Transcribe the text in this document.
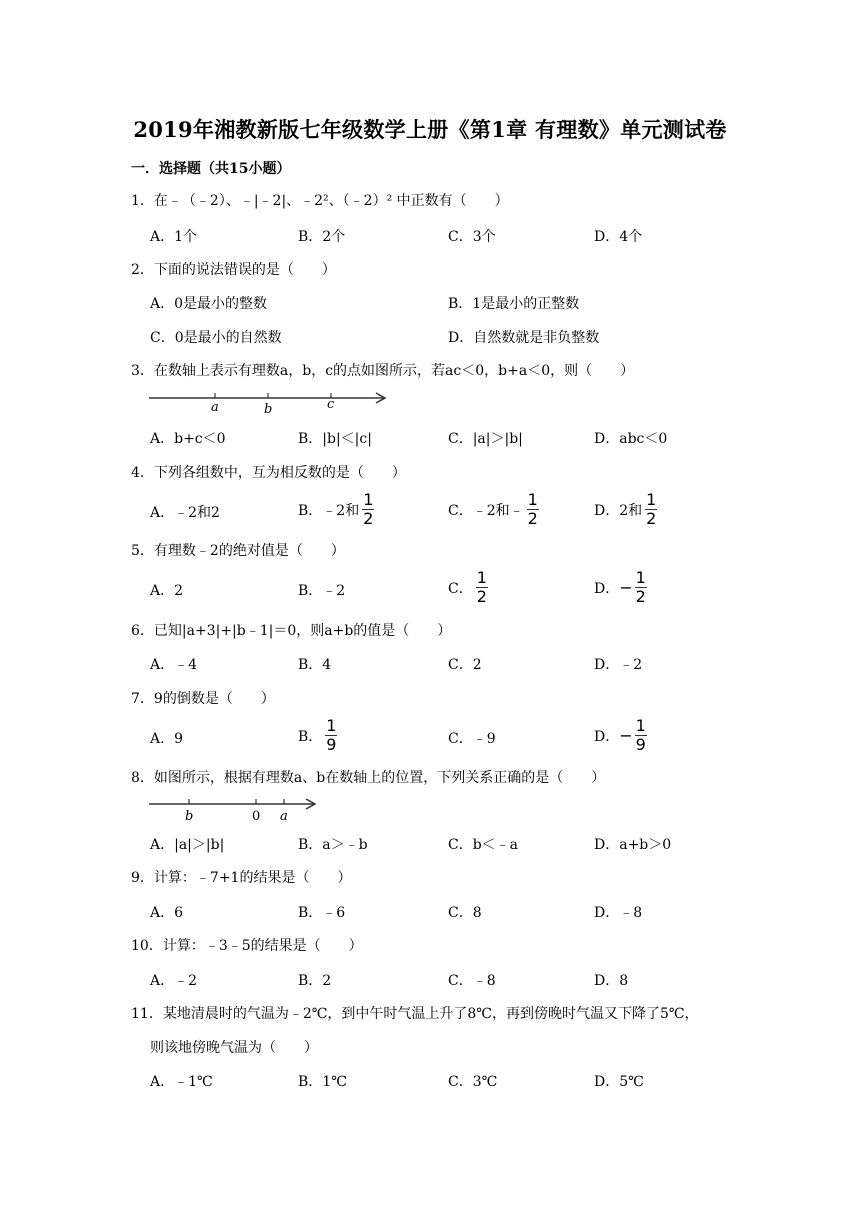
2019年湘教新版七年级数学上册《第1章 有理数》单元测试卷
一．选择题（共15小题）
1．在﹣（﹣2）、﹣|﹣2|、﹣2²、（﹣2）² 中正数有（　　）
A．1个	B．2个	C．3个	D．4个
2．下面的说法错误的是（　　）
A．0是最小的整数	B．1是最小的正整数
C．0是最小的自然数	D．自然数就是非负整数
3．在数轴上表示有理数a，b，c的点如图所示，若ac＜0，b+a＜0，则（　　）
a	b	c
A．b+c＜0	B．|b|＜|c|	C．|a|＞|b|	D．abc＜0
4．下列各组数中，互为相反数的是（　　）
A．﹣2和2	B．﹣2和 $\frac{1}{2}$	C．﹣2和﹣ $\frac{1}{2}$	D．2和 $\frac{1}{2}$
5．有理数﹣2的绝对值是（　　）
A．2	B．﹣2	C． $\frac{1}{2}$	D． − $\frac{1}{2}$
6．已知|a+3|+|b﹣1|＝0，则a+b的值是（　　）
A．﹣4	B．4	C．2	D．﹣2
7．9的倒数是（　　）
A．9	B． $\frac{1}{9}$	C．﹣9	D． − $\frac{1}{9}$
8．如图所示，根据有理数a、b在数轴上的位置，下列关系正确的是（　　）
b	0 a
A．|a|＞|b|	B．a＞﹣b	C．b＜﹣a	D．a+b＞0
9．计算：﹣7+1的结果是（　　）
A．6	B．﹣6	C．8	D．﹣8
10．计算：﹣3﹣5的结果是（　　）
A．﹣2	B．2	C．﹣8	D．8
11．某地清晨时的气温为﹣2℃，到中午时气温上升了8℃，再到傍晚时气温又下降了5℃，
则该地傍晚气温为（　　）
A．﹣1℃	B．1℃	C．3℃	D．5℃
